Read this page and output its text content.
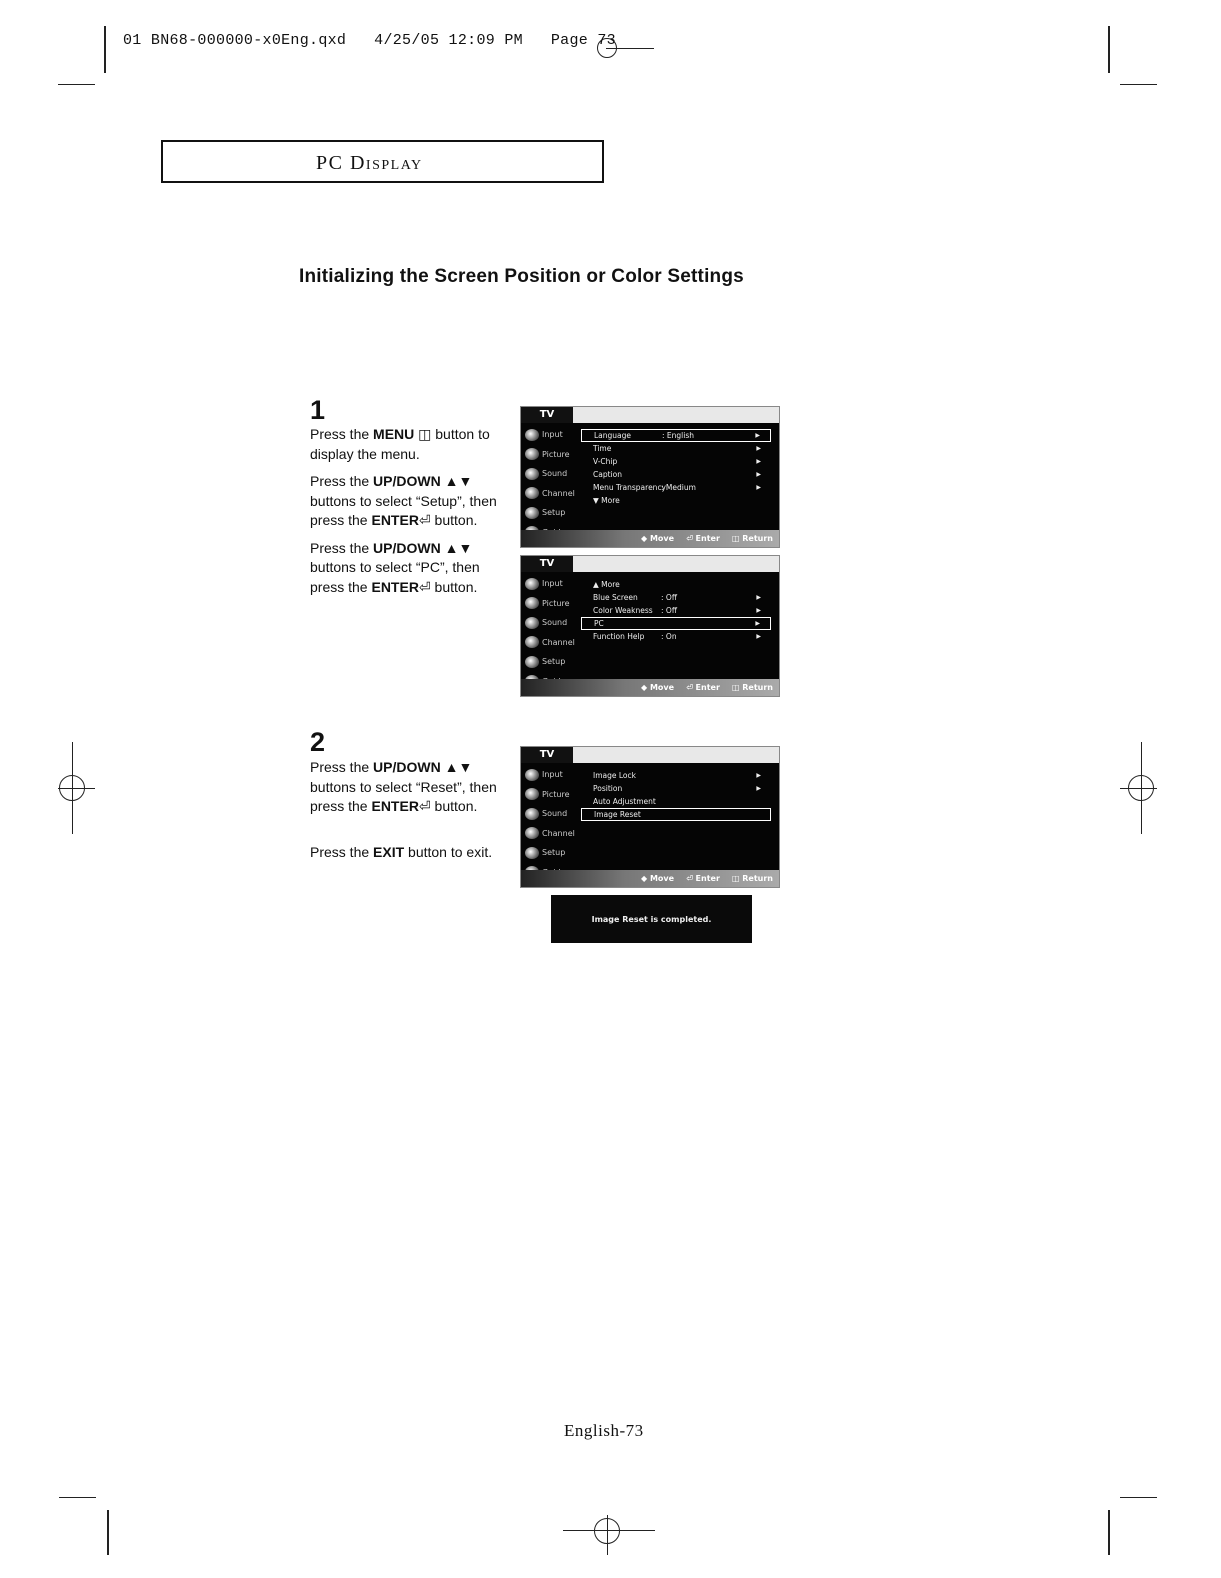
01 BN68-000000-x0Eng.qxd   4/25/05 12:09 PM   Page 73
PC Display
Initializing the Screen Position or Color Settings
1

Press the MENU ◫ button to display the menu.

Press the UP/DOWN ▲▼ buttons to select “Setup”, then press the ENTER⏎ button.

Press the UP/DOWN ▲▼ buttons to select “PC”, then press the ENTER⏎ button.

2

Press the UP/DOWN ▲▼ buttons to select “Reset”, then press the ENTER⏎ button.

Press the EXIT button to exit.

TV
Input
Picture
Sound
Channel
Setup
Language	: English	▶
Time	▶
V-Chip	▶
Caption	▶
Menu Transparency
: Medium	▶
▼ More
◆ Move ⏎ Enter ◫ Return
TV
Input
Picture
Sound
Channel
Setup
▲ More
Blue Screen	: Off	▶
Color Weakness : Off	▶
PC	▶
Function Help : On	▶
◆ Move ⏎ Enter ◫ Return
TV
Input
Picture
Sound
Channel
Setup
Image Lock	▶
Position	▶
Auto Adjustment
Image Reset
◆ Move ⏎ Enter ◫ Return
Image Reset is completed.
English-73
